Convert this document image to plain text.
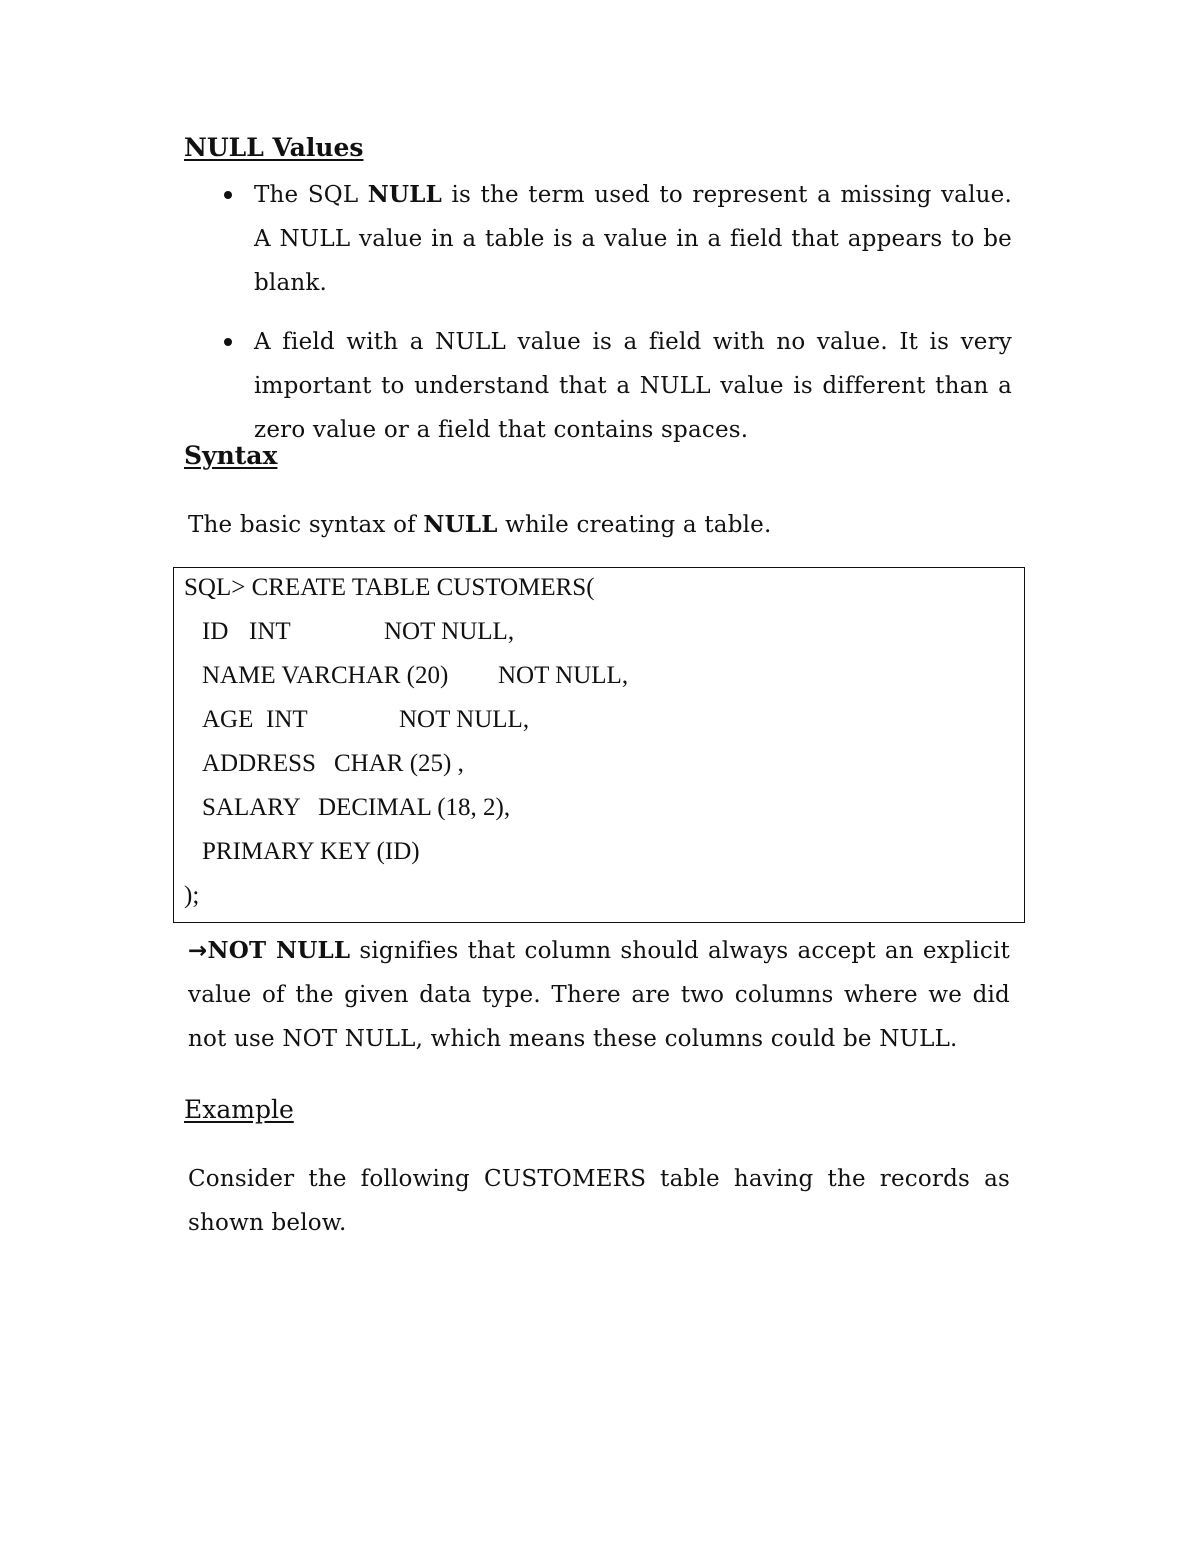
NULL Values
The SQL NULL is the term used to represent a missing value. A NULL value in a table is a value in a field that appears to be blank.
A field with a NULL value is a field with no value. It is very important to understand that a NULL value is different than a zero value or a field that contains spaces.
Syntax

The basic syntax of NULL while creating a table.

SQL> CREATE TABLE CUSTOMERS(
ID INT	NOT NULL,
NAME VARCHAR (20) NOT NULL,
AGE INT	NOT NULL,
ADDRESS CHAR (25) ,
SALARY DECIMAL (18, 2),
PRIMARY KEY (ID)
);

→NOT NULL signifies that column should always accept an explicit value of the given data type. There are two columns where we did not use NOT NULL, which means these columns could be NULL.

Example

Consider the following CUSTOMERS table having the records as shown below.
